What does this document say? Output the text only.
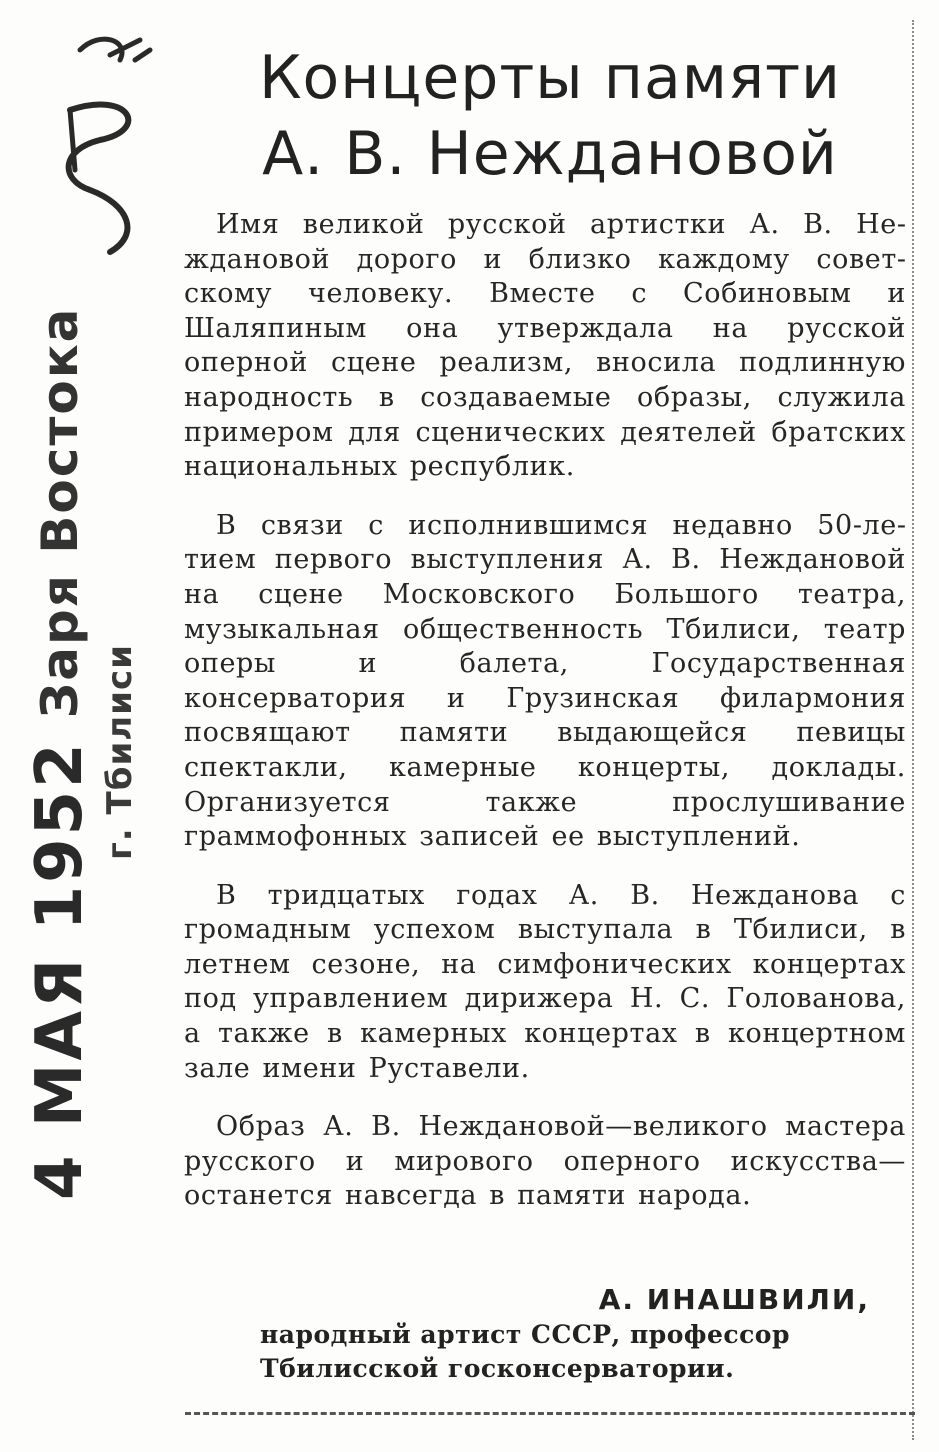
4 МАЯ 1952
Заря Востока
г. Тбилиси
Концерты памяти
А. В. Неждановой

Имя великой русской артистки А. В. Неждановой дорого и близко каждому советскому человеку. Вместе с Собиновым и Шаляпиным она утверждала на русской оперной сцене реализм, вносила подлинную народность в создаваемые образы, служила примером для сценических деятелей братских национальных республик.

В связи с исполнившимся недавно 50-летием первого выступления А. В. Неждановой на сцене Московского Большого театра, музыкальная общественность Тбилиси, театр оперы и балета, Государственная консерватория и Грузинская филармония посвящают памяти выдающейся певицы спектакли, камерные концерты, доклады. Организуется также прослушивание граммофонных записей ее выступлений.

В тридцатых годах А. В. Нежданова с громадным успехом выступала в Тбилиси, в летнем сезоне, на симфонических концертах под управлением дирижера Н. С. Голованова, а также в камерных концертах в концертном зале имени Руставели.

Образ А. В. Неждановой—великого мастера русского и мирового оперного искусства—останется навсегда в памяти народа.

А. ИНАШВИЛИ,

народный артист СССР, профессор

Тбилисской госконсерватории.
